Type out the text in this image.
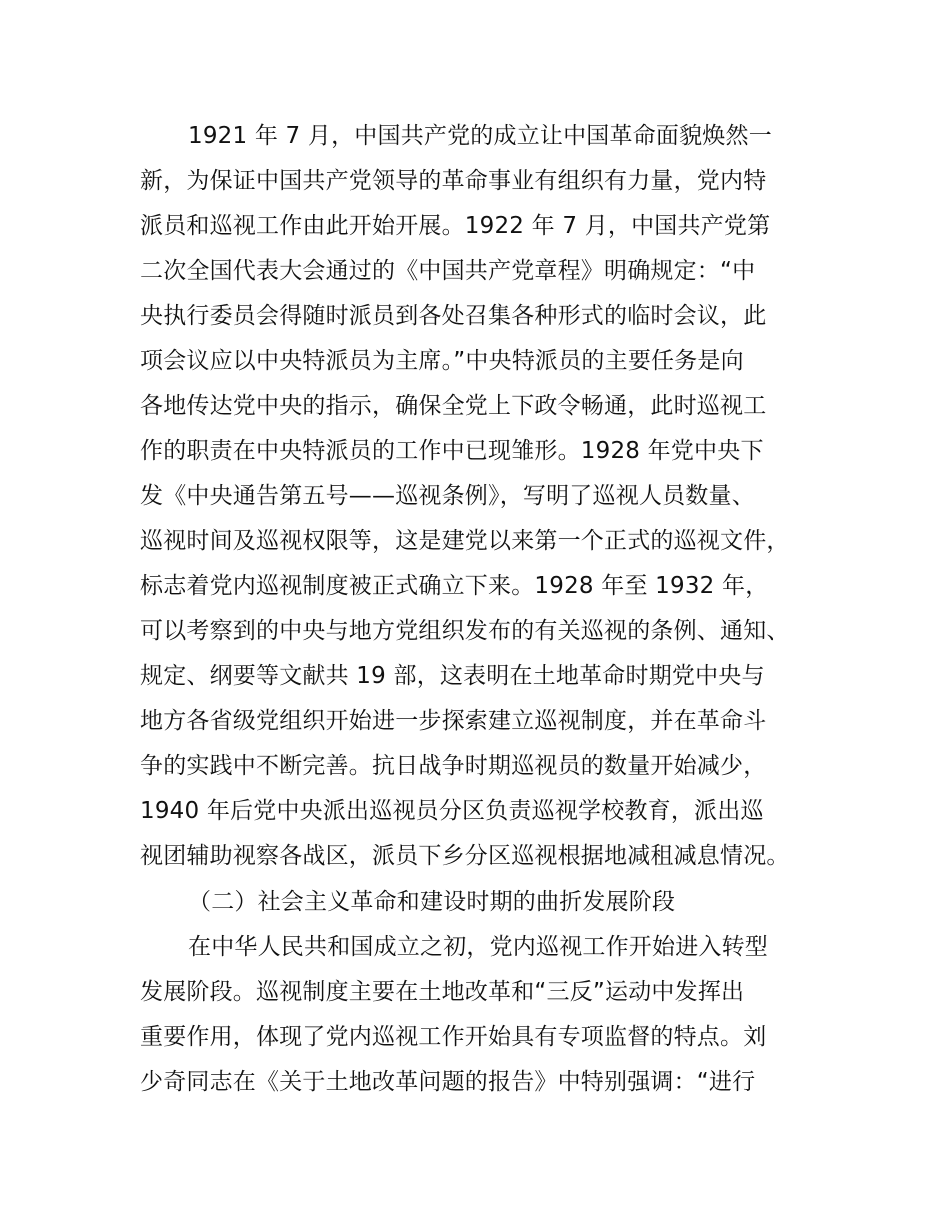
1921 年 7 月，中国共产党的成立让中国革命面貌焕然一

新，为保证中国共产党领导的革命事业有组织有力量，党内特

派员和巡视工作由此开始开展。1922 年 7 月，中国共产党第

二次全国代表大会通过的《中国共产党章程》明确规定：“中

央执行委员会得随时派员到各处召集各种形式的临时会议，此

项会议应以中央特派员为主席。”中央特派员的主要任务是向

各地传达党中央的指示，确保全党上下政令畅通，此时巡视工

作的职责在中央特派员的工作中已现雏形。1928 年党中央下

发《中央通告第五号——巡视条例》，写明了巡视人员数量、

巡视时间及巡视权限等，这是建党以来第一个正式的巡视文件，

标志着党内巡视制度被正式确立下来。1928 年至 1932 年，

可以考察到的中央与地方党组织发布的有关巡视的条例、通知、

规定、纲要等文献共 19 部，这表明在土地革命时期党中央与

地方各省级党组织开始进一步探索建立巡视制度，并在革命斗

争的实践中不断完善。抗日战争时期巡视员的数量开始减少，

1940 年后党中央派出巡视员分区负责巡视学校教育，派出巡

视团辅助视察各战区，派员下乡分区巡视根据地减租减息情况。

（二）社会主义革命和建设时期的曲折发展阶段

在中华人民共和国成立之初，党内巡视工作开始进入转型

发展阶段。巡视制度主要在土地改革和“三反”运动中发挥出

重要作用，体现了党内巡视工作开始具有专项监督的特点。刘

少奇同志在《关于土地改革问题的报告》中特别强调：“进行
